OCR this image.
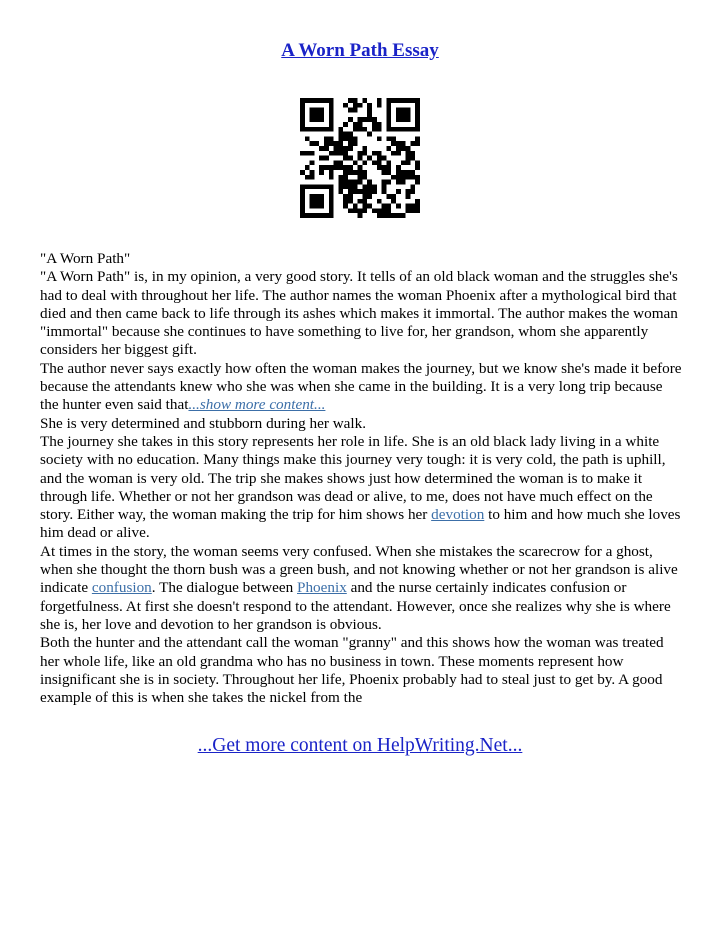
A Worn Path Essay

"A Worn Path"

"A Worn Path" is, in my opinion, a very good story. It tells of an old black woman and the struggles she's had to deal with throughout her life. The author names the woman Phoenix after a mythological bird that died and then came back to life through its ashes which makes it immortal. The author makes the woman "immortal" because she continues to have something to live for, her grandson, whom she apparently considers her biggest gift.

The author never says exactly how often the woman makes the journey, but we know she's made it before because the attendants knew who she was when she came in the building. It is a very long trip because the hunter even said that...show more content...

She is very determined and stubborn during her walk.

The journey she takes in this story represents her role in life. She is an old black lady living in a white society with no education. Many things make this journey very tough: it is very cold, the path is uphill, and the woman is very old. The trip she makes shows just how determined the woman is to make it through life. Whether or not her grandson was dead or alive, to me, does not have much effect on the story. Either way, the woman making the trip for him shows her devotion to him and how much she loves him dead or alive.

At times in the story, the woman seems very confused. When she mistakes the scarecrow for a ghost, when she thought the thorn bush was a green bush, and not knowing whether or not her grandson is alive indicate confusion. The dialogue between Phoenix and the nurse certainly indicates confusion or forgetfulness. At first she doesn't respond to the attendant. However, once she realizes why she is where she is, her love and devotion to her grandson is obvious.

Both the hunter and the attendant call the woman "granny" and this shows how the woman was treated her whole life, like an old grandma who has no business in town. These moments represent how insignificant she is in society. Throughout her life, Phoenix probably had to steal just to get by. A good example of this is when she takes the nickel from the

...Get more content on HelpWriting.Net...
